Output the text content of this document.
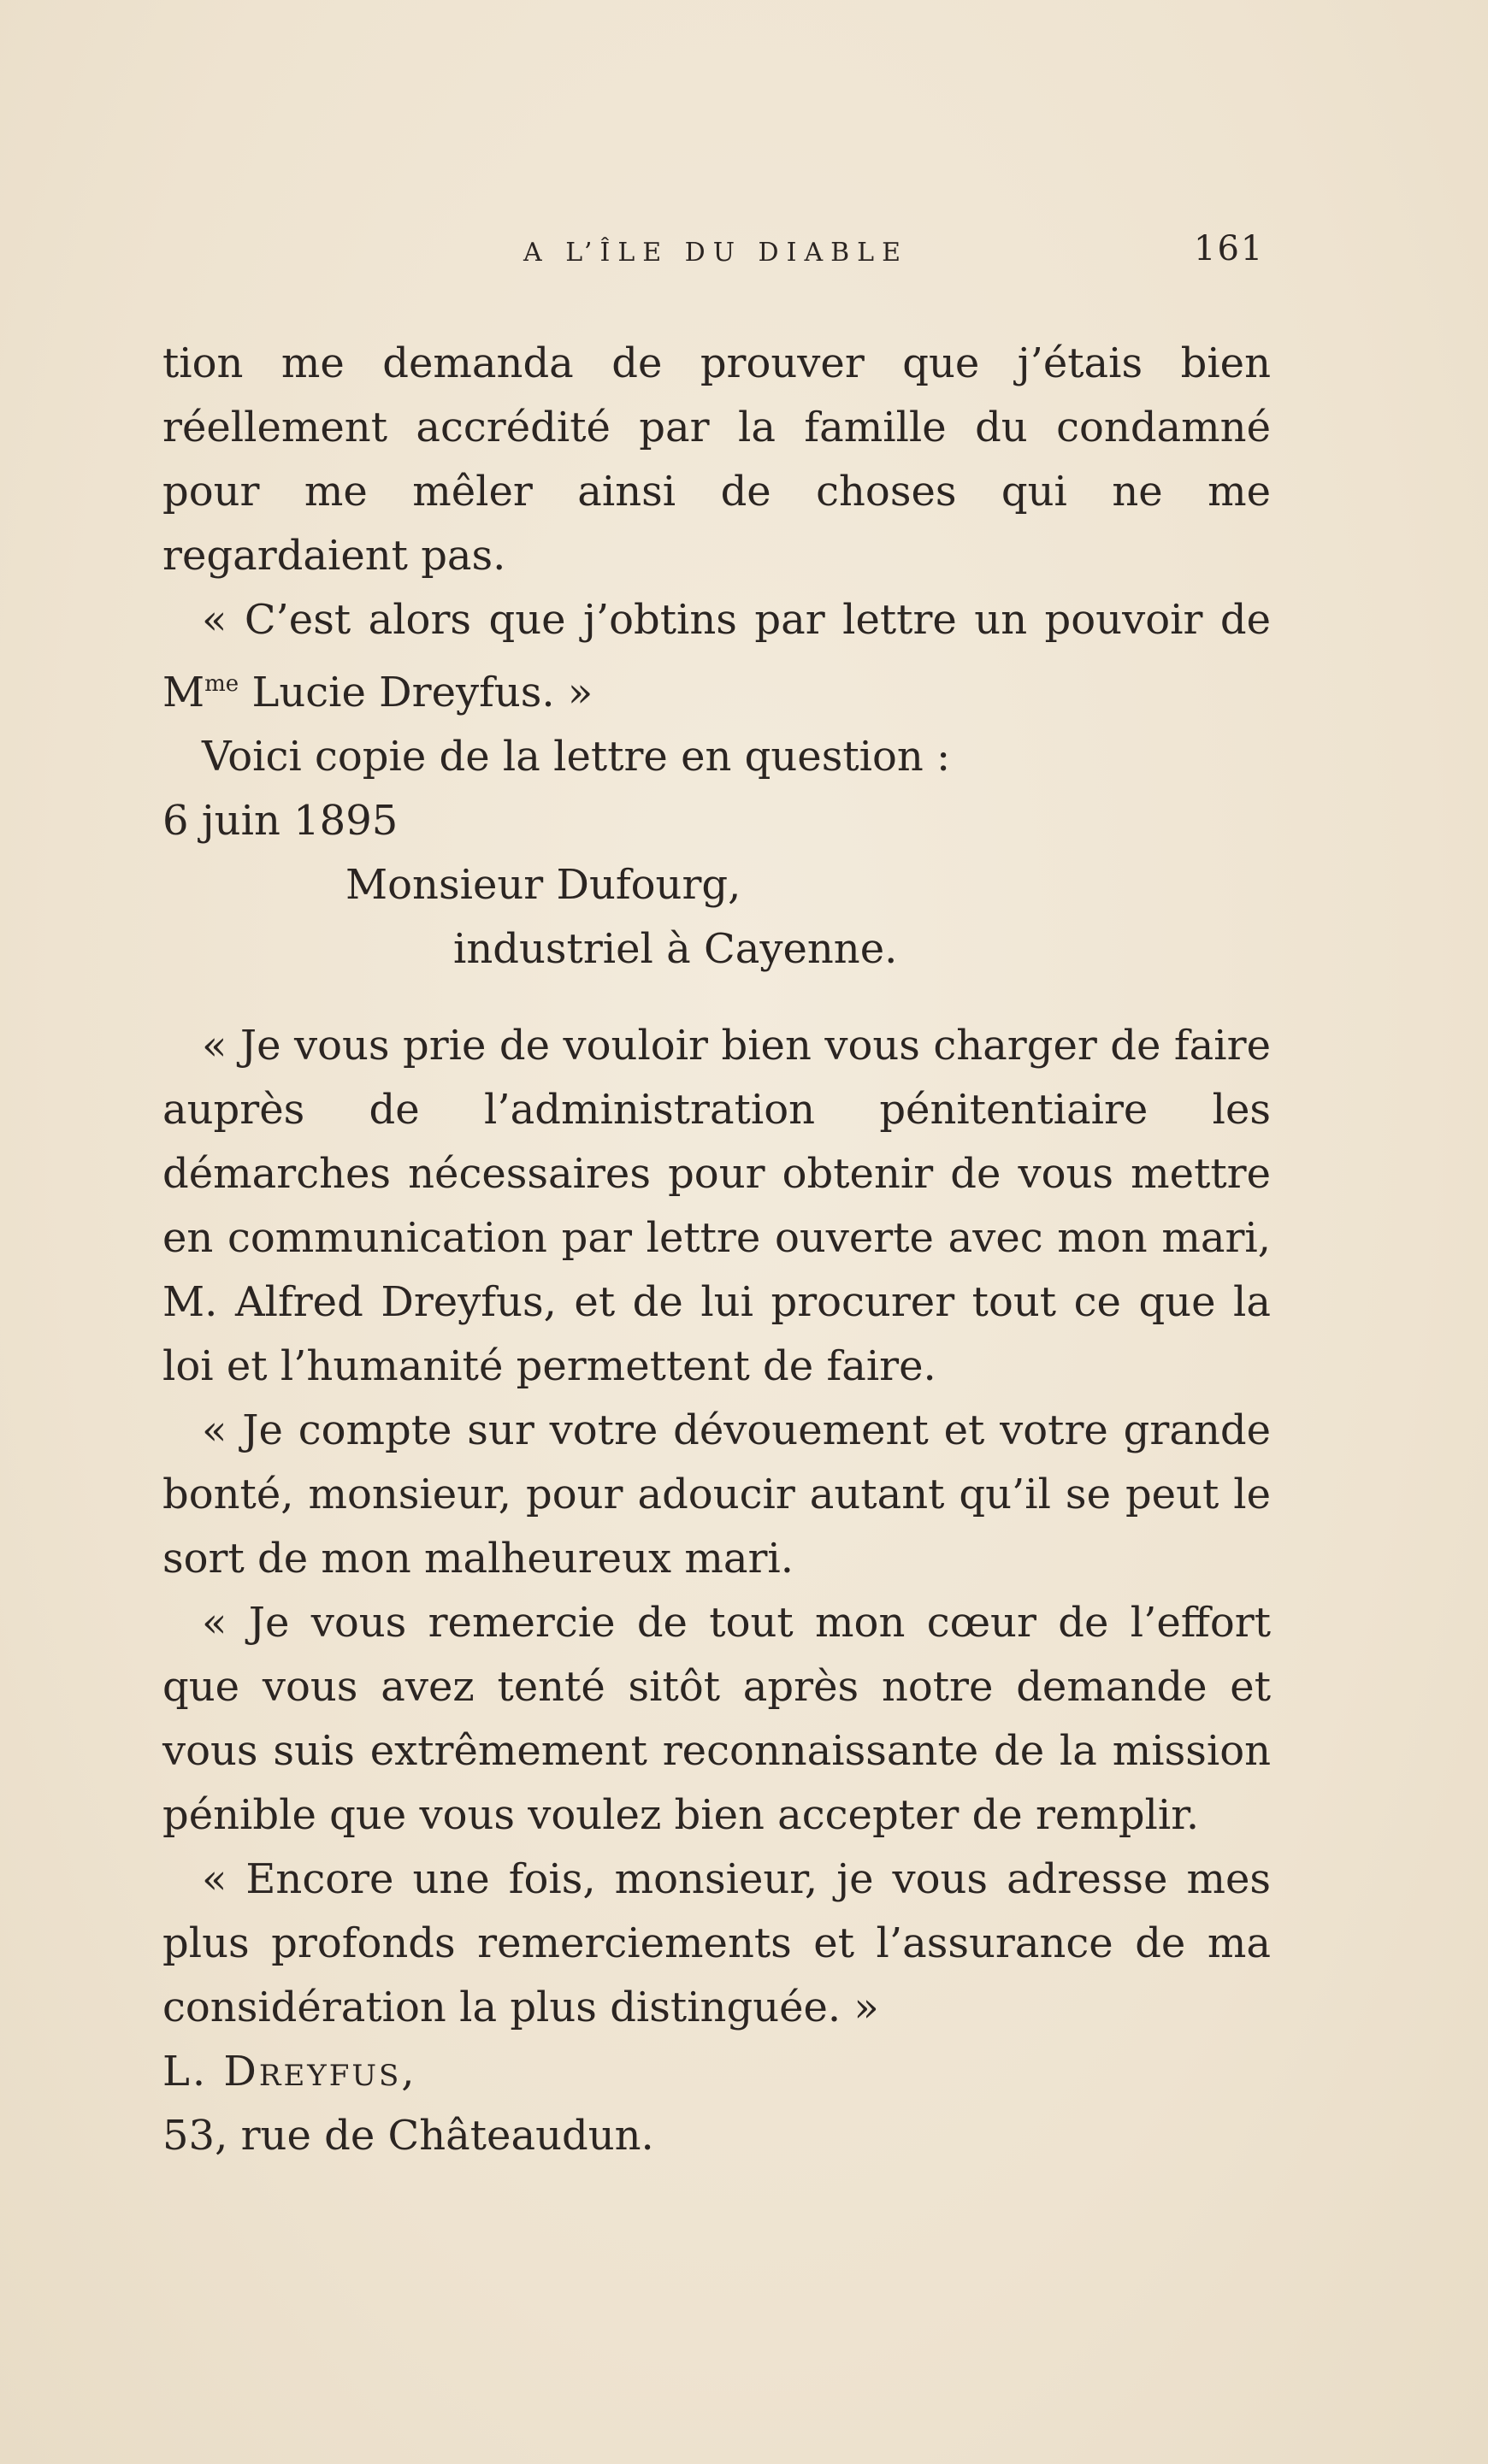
A L’ÎLE DU DIABLE	161

tion me demanda de prouver que j’étais bien réellement accrédité par la famille du condamné pour me mêler ainsi de choses qui ne me regardaient pas.

« C’est alors que j’obtins par lettre un pouvoir de $M^{me}$ Lucie Dreyfus. »

Voici copie de la lettre en question :

6 juin 1895

Monsieur Dufourg,

industriel à Cayenne.

« Je vous prie de vouloir bien vous charger de faire auprès de l’administration pénitentiaire les démarches nécessaires pour obtenir de vous mettre en communication par lettre ouverte avec mon mari, M. Alfred Dreyfus, et de lui procurer tout ce que la loi et l’humanité permettent de faire.

« Je compte sur votre dévouement et votre grande bonté, monsieur, pour adoucir autant qu’il se peut le sort de mon malheureux mari.

« Je vous remercie de tout mon cœur de l’effort que vous avez tenté sitôt après notre demande et vous suis extrêmement reconnaissante de la mission pénible que vous voulez bien accepter de remplir.

« Encore une fois, monsieur, je vous adresse mes plus profonds remerciements et l’assurance de ma considération la plus distinguée. »

L. Dreyfus,

53, rue de Châteaudun.
